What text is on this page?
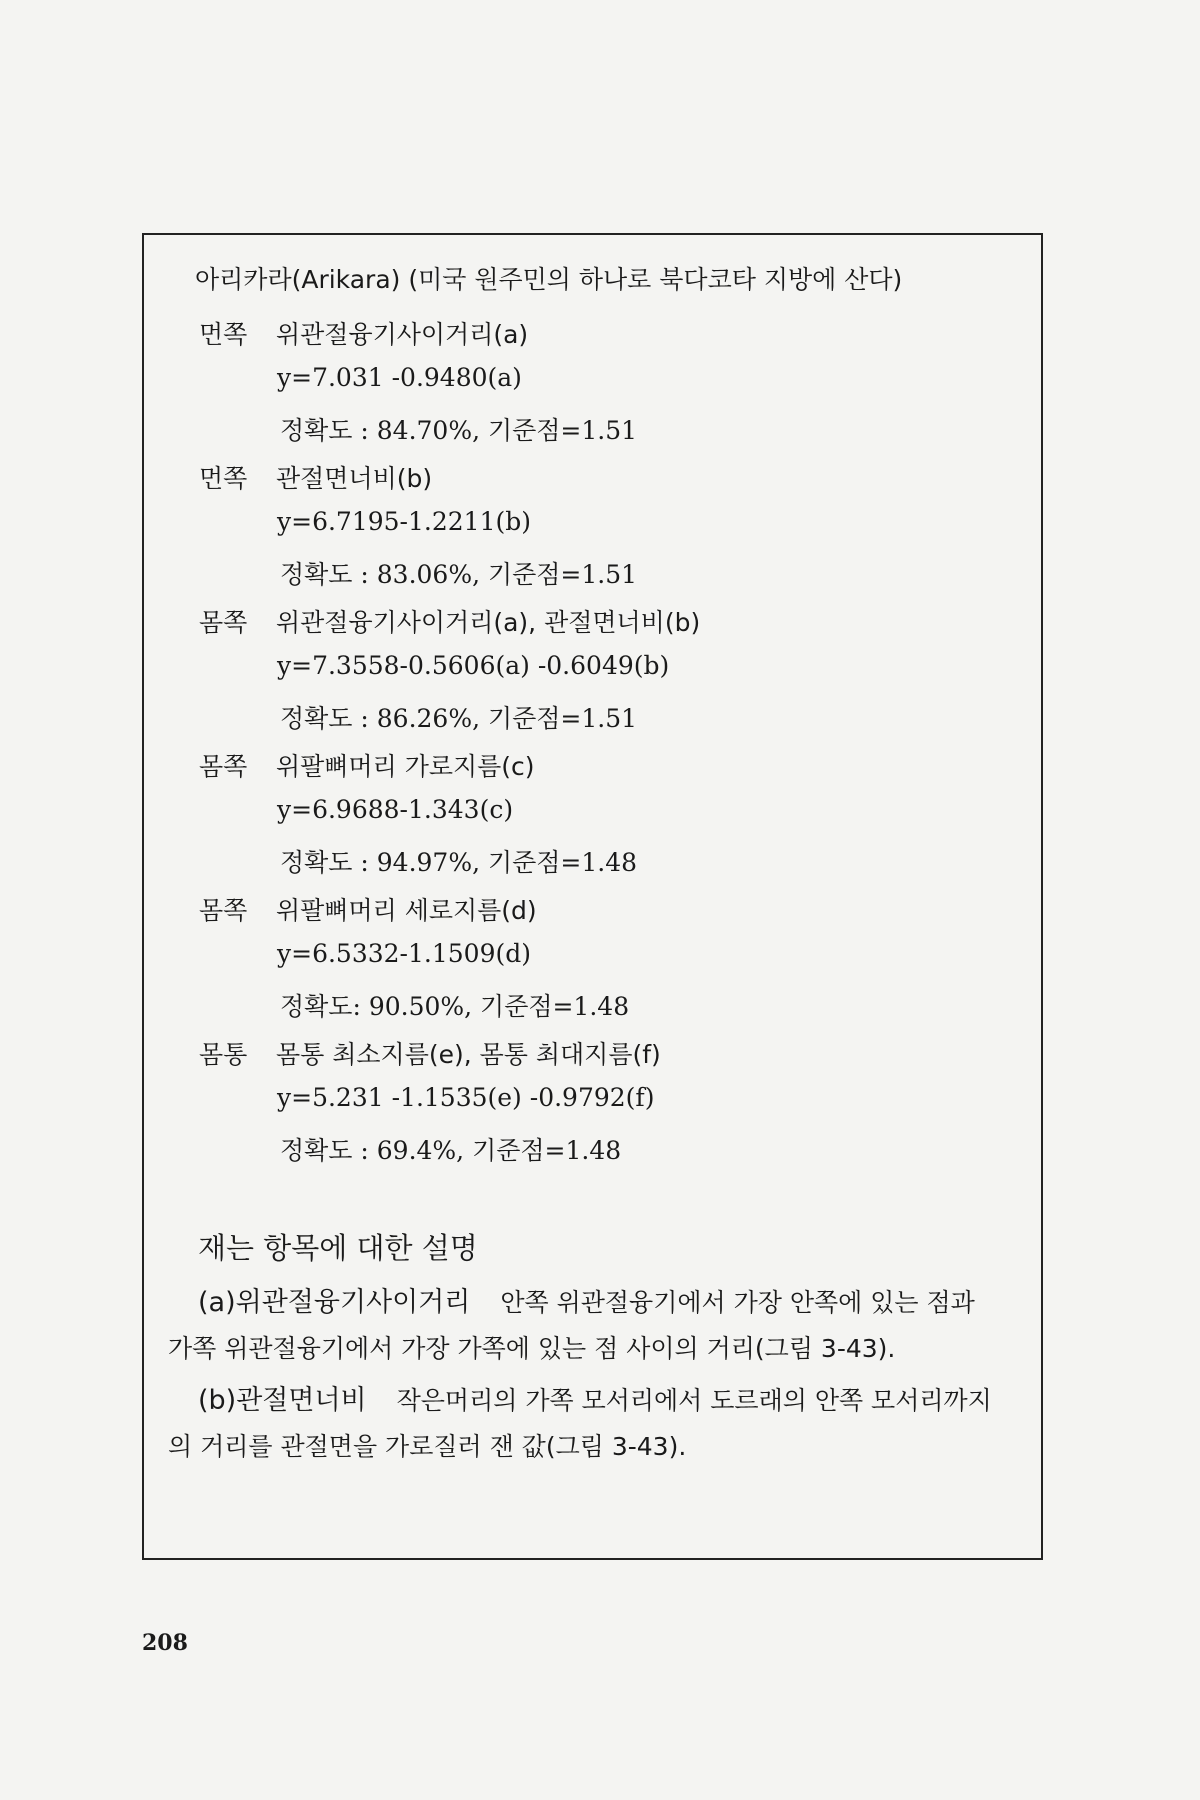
아리카라(Arikara) (미국 원주민의 하나로 북다코타 지방에 산다)
먼쪽 위관절융기사이거리(a)
y=7.031 -0.9480(a)
정확도 : 84.70%, 기준점=1.51
먼쪽 관절면너비(b)
y=6.7195-1.2211(b)
정확도 : 83.06%, 기준점=1.51
몸쪽 위관절융기사이거리(a), 관절면너비(b)
y=7.3558-0.5606(a) -0.6049(b)
정확도 : 86.26%, 기준점=1.51
몸쪽 위팔뼈머리 가로지름(c)
y=6.9688-1.343(c)
정확도 : 94.97%, 기준점=1.48
몸쪽 위팔뼈머리 세로지름(d)
y=6.5332-1.1509(d)
정확도: 90.50%, 기준점=1.48
몸통 몸통 최소지름(e), 몸통 최대지름(f)
y=5.231 -1.1535(e) -0.9792(f)
정확도 : 69.4%, 기준점=1.48
재는 항목에 대한 설명
(a)위관절융기사이거리 안쪽 위관절융기에서 가장 안쪽에 있는 점과
가쪽 위관절융기에서 가장 가쪽에 있는 점 사이의 거리(그림 3-43).
(b)관절면너비 작은머리의 가쪽 모서리에서 도르래의 안쪽 모서리까지
의 거리를 관절면을 가로질러 잰 값(그림 3-43).
208
